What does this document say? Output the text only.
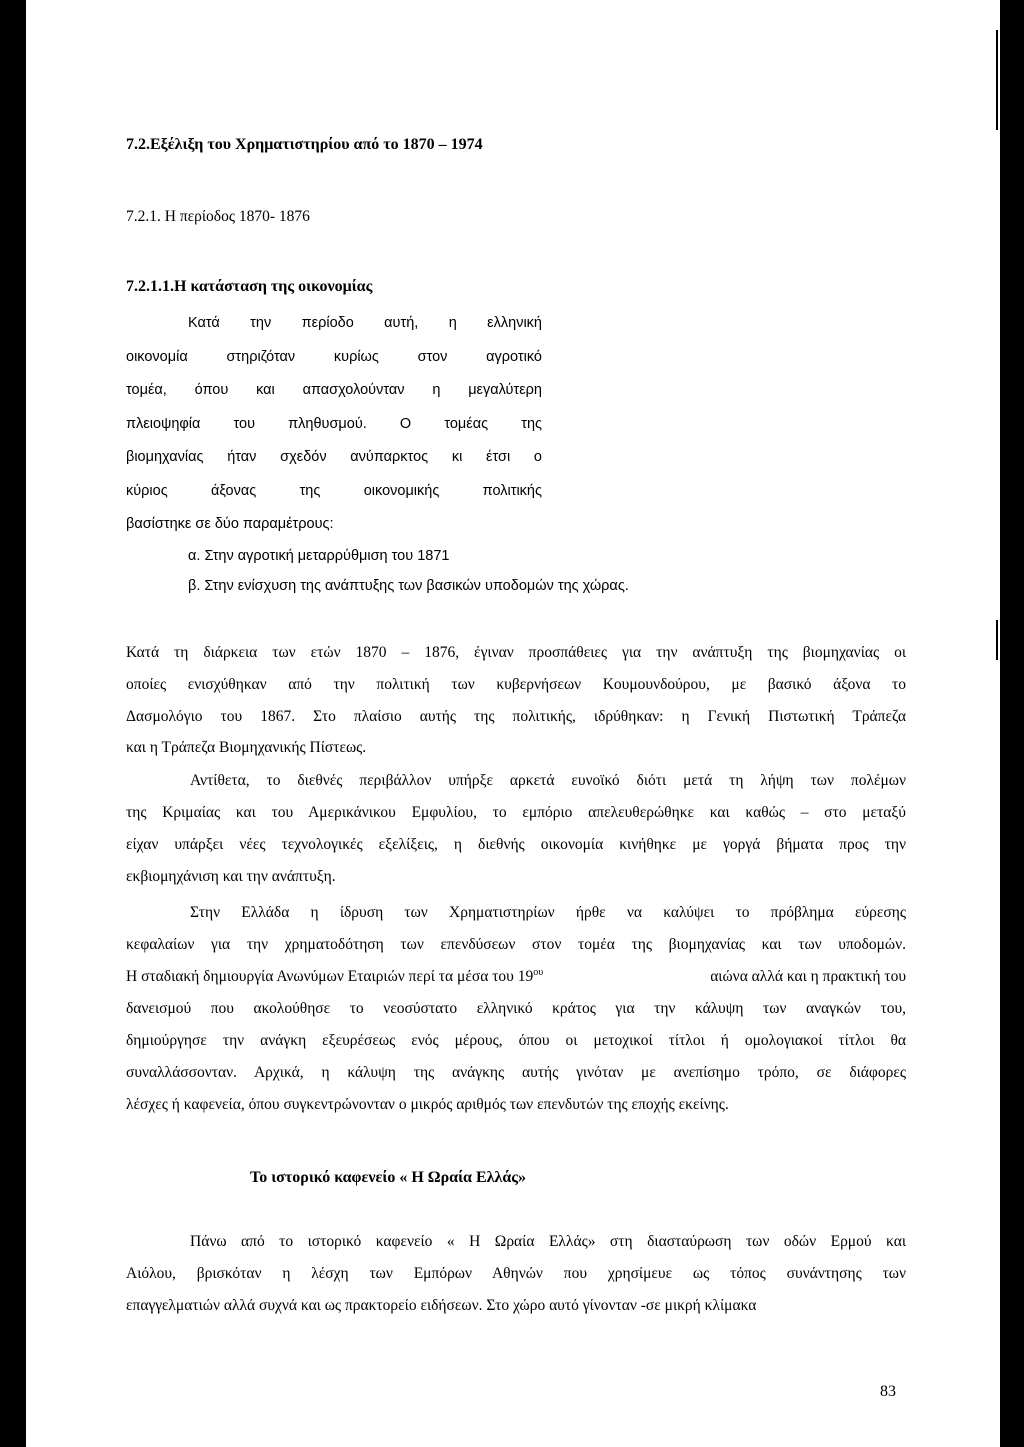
7.2.Εξέλιξη του Χρηματιστηρίου από το 1870 – 1974
7.2.1. Η περίοδος 1870- 1876
7.2.1.1.Η κατάσταση της οικονομίας
Κατά την περίοδο αυτή, η ελληνική
οικονομία στηριζόταν κυρίως στον αγροτικό
τομέα, όπου και απασχολούνταν η μεγαλύτερη
πλειοψηφία του πληθυσμού. Ο τομέας της
βιομηχανίας ήταν σχεδόν ανύπαρκτος κι έτσι ο
κύριος άξονας της οικονομικής πολιτικής
βασίστηκε σε δύο παραμέτρους:
α. Στην αγροτική μεταρρύθμιση του 1871
β. Στην ενίσχυση της ανάπτυξης των βασικών υποδομών της χώρας.
Κατά τη διάρκεια των ετών 1870 – 1876, έγιναν προσπάθειες για την ανάπτυξη της βιομηχανίας οι
οποίες ενισχύθηκαν από την πολιτική των κυβερνήσεων Κουμουνδούρου, με βασικό άξονα το
Δασμολόγιο του 1867. Στο πλαίσιο αυτής της πολιτικής, ιδρύθηκαν: η Γενική Πιστωτική Τράπεζα
και η Τράπεζα Βιομηχανικής Πίστεως.
Αντίθετα, το διεθνές περιβάλλον υπήρξε αρκετά ευνοϊκό διότι μετά τη λήψη των πολέμων
της Κριμαίας και του Αμερικάνικου Εμφυλίου, το εμπόριο απελευθερώθηκε και καθώς – στο μεταξύ
είχαν υπάρξει νέες τεχνολογικές εξελίξεις, η διεθνής οικονομία κινήθηκε με γοργά βήματα προς την
εκβιομηχάνιση και την ανάπτυξη.
Στην Ελλάδα η ίδρυση των Χρηματιστηρίων ήρθε να καλύψει το πρόβλημα εύρεσης
κεφαλαίων για την χρηματοδότηση των επενδύσεων στον τομέα της βιομηχανίας και των υποδομών.
Η σταδιακή δημιουργία Ανωνύμων Εταιριών περί τα μέσα του $19^{o\upsilon}$	αιώνα αλλά και η πρακτική του
δανεισμού που ακολούθησε το νεοσύστατο ελληνικό κράτος για την κάλυψη των αναγκών του,
δημιούργησε την ανάγκη εξευρέσεως ενός μέρους, όπου οι μετοχικοί τίτλοι ή ομολογιακοί τίτλοι θα
συναλλάσσονταν. Αρχικά, η κάλυψη της ανάγκης αυτής γινόταν με ανεπίσημο τρόπο, σε διάφορες
λέσχες ή καφενεία, όπου συγκεντρώνονταν ο μικρός αριθμός των επενδυτών της εποχής εκείνης.
Το ιστορικό καφενείο « Η Ωραία Ελλάς»
Πάνω από το ιστορικό καφενείο « Η Ωραία Ελλάς» στη διασταύρωση των οδών Ερμού και
Αιόλου, βρισκόταν η λέσχη των Εμπόρων Αθηνών που χρησίμευε ως τόπος συνάντησης των
επαγγελματιών αλλά συχνά και ως πρακτορείο ειδήσεων. Στο χώρο αυτό γίνονταν -σε μικρή κλίμακα
83
